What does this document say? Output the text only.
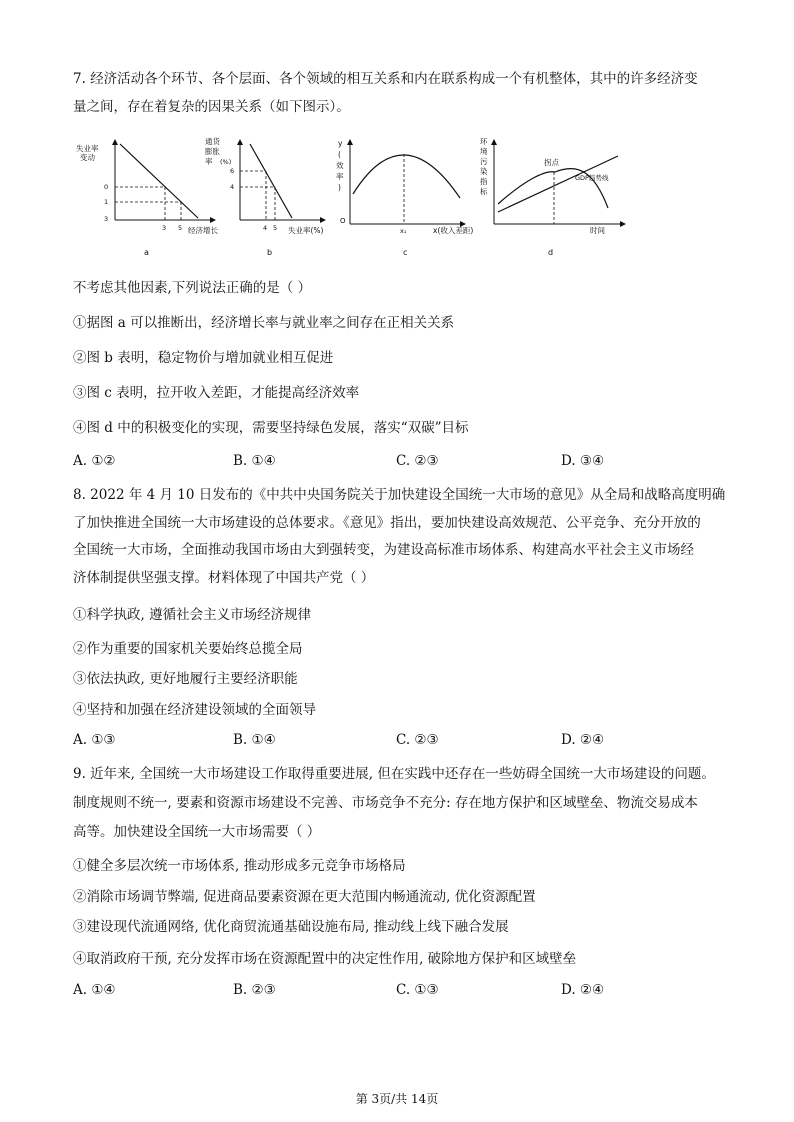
7. 经济活动各个环节、各个层面、各个领域的相互关系和内在联系构成一个有机整体，其中的许多经济变
量之间，存在着复杂的因果关系（如下图示）。
失业率
变动
0
1
3
3 5 经济增长
a
通货
膨胀
率 (%)
6
4
4 5 失业率(%)
b
y
(
效
率
)
O
x₁	x(收入差距)
c
环
境
污
染
指
标
拐点
GDP趋势线
时间
d
不考虑其他因素,下列说法正确的是（ ）
①据图 a 可以推断出，经济增长率与就业率之间存在正相关关系
②图 b 表明，稳定物价与增加就业相互促进
③图 c 表明，拉开收入差距，才能提高经济效率
④图 d 中的积极变化的实现，需要坚持绿色发展，落实“双碳”目标
A. ①②	B. ①④	C. ②③	D. ③④
8. 2022 年 4 月 10 日发布的《中共中央国务院关于加快建设全国统一大市场的意见》从全局和战略高度明确
了加快推进全国统一大市场建设的总体要求。《意见》指出，要加快建设高效规范、公平竞争、充分开放的
全国统一大市场，全面推动我国市场由大到强转变，为建设高标准市场体系、构建高水平社会主义市场经
济体制提供坚强支撑。材料体现了中国共产党（ ）
①科学执政, 遵循社会主义市场经济规律
②作为重要的国家机关要始终总揽全局
③依法执政, 更好地履行主要经济职能
④坚持和加强在经济建设领域的全面领导
A. ①③	B. ①④	C. ②③	D. ②④
9. 近年来, 全国统一大市场建设工作取得重要进展, 但在实践中还存在一些妨碍全国统一大市场建设的问题。
制度规则不统一, 要素和资源市场建设不完善、市场竞争不充分: 存在地方保护和区域壁垒、物流交易成本
高等。加快建设全国统一大市场需要（ ）
①健全多层次统一市场体系, 推动形成多元竞争市场格局
②消除市场调节弊端, 促进商品要素资源在更大范围内畅通流动, 优化资源配置
③建设现代流通网络, 优化商贸流通基础设施布局, 推动线上线下融合发展
④取消政府干预, 充分发挥市场在资源配置中的决定性作用, 破除地方保护和区域壁垒
A. ①④	B. ②③	C. ①③	D. ②④
第 3页/共 14页
